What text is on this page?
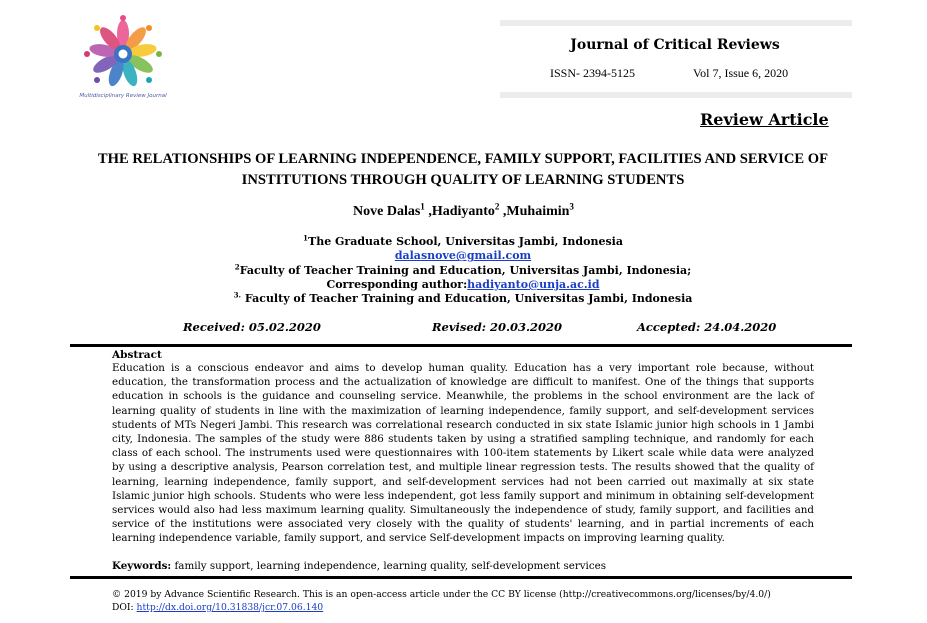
Multidisciplinary Review Journal
Journal of Critical Reviews
ISSN- 2394-5125	Vol 7, Issue 6, 2020
Review Article
THE RELATIONSHIPS OF LEARNING INDEPENDENCE, FAMILY SUPPORT, FACILITIES AND SERVICE OF INSTITUTIONS THROUGH QUALITY OF LEARNING STUDENTS
Nove Dalas$^1$ ,Hadiyanto$^2$ ,Muhaimin$^3$
$^1$The Graduate School, Universitas Jambi, Indonesia
dalasnove@gmail.com
$^2$Faculty of Teacher Training and Education, Universitas Jambi, Indonesia;
Corresponding author:hadiyanto@unja.ac.id
$^{3.}$ Faculty of Teacher Training and Education, Universitas Jambi, Indonesia
Received: 05.02.2020	Revised: 20.03.2020	Accepted: 24.04.2020
Abstract
Education is a conscious endeavor and aims to develop human quality. Education has a very important role because, without education, the transformation process and the actualization of knowledge are difficult to manifest. One of the things that supports education in schools is the guidance and counseling service. Meanwhile, the problems in the school environment are the lack of learning quality of students in line with the maximization of learning independence, family support, and self-development services students of MTs Negeri Jambi. This research was correlational research conducted in six state Islamic junior high schools in 1 Jambi city, Indonesia. The samples of the study were 886 students taken by using a stratified sampling technique, and randomly for each class of each school. The instruments used were questionnaires with 100-item statements by Likert scale while data were analyzed by using a descriptive analysis, Pearson correlation test, and multiple linear regression tests. The results showed that the quality of learning, learning independence, family support, and self-development services had not been carried out maximally at six state Islamic junior high schools. Students who were less independent, got less family support and minimum in obtaining self-development services would also had less maximum learning quality. Simultaneously the independence of study, family support, and facilities and service of the institutions were associated very closely with the quality of students' learning, and in partial increments of each learning independence variable, family support, and service Self-development impacts on improving learning quality.
Keywords: family support, learning independence, learning quality, self-development services
© 2019 by Advance Scientific Research. This is an open-access article under the CC BY license (http://creativecommons.org/licenses/by/4.0/)
DOI: http://dx.doi.org/10.31838/jcr.07.06.140
